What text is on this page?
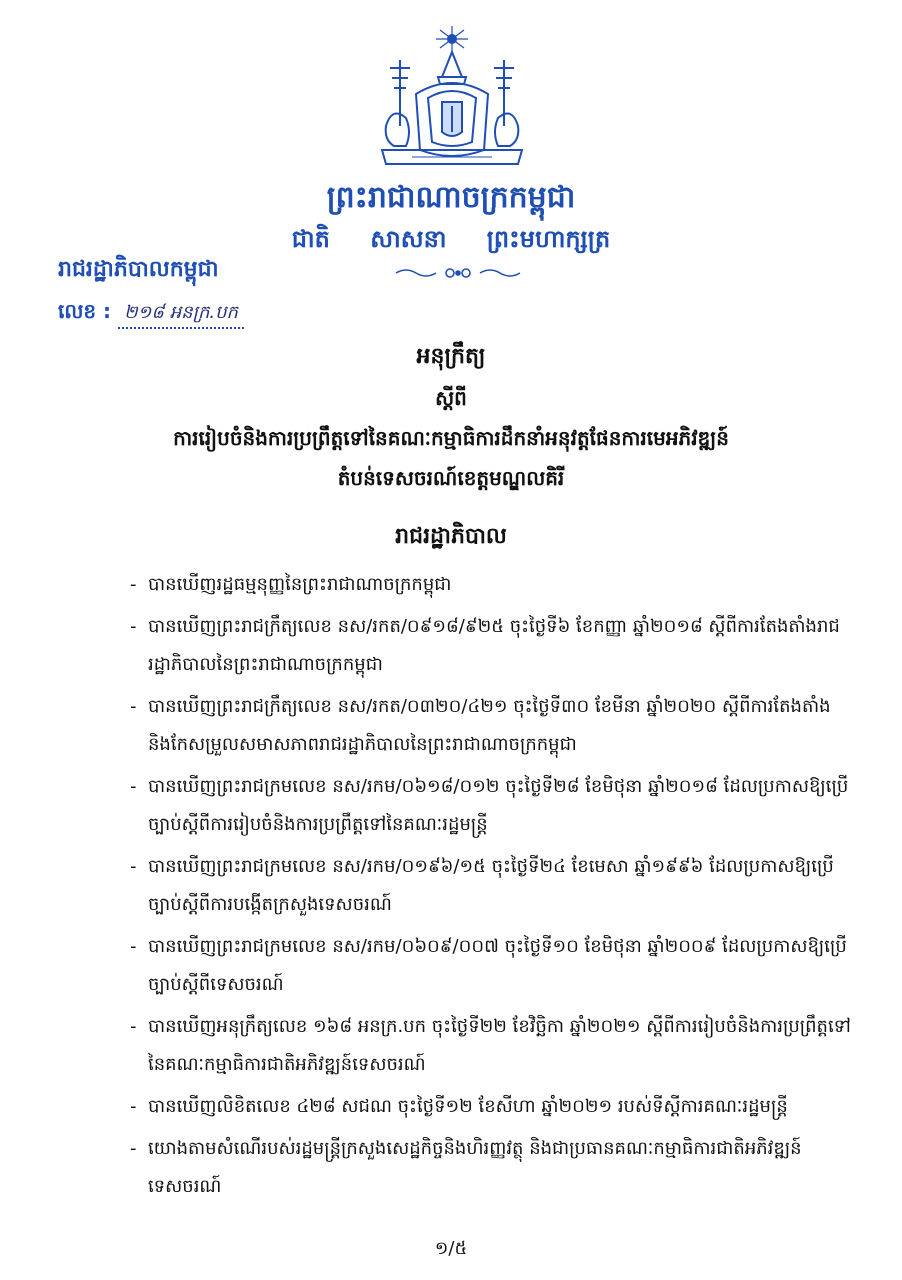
ព្រះរាជាណាចក្រកម្ពុជា
ជាតិ សាសនា ព្រះមហាក្សត្រ
រាជរដ្ឋាភិបាលកម្ពុជា
លេខ : ២១៨ អនក្រ.បក
អនុក្រឹត្យ
ស្តីពី
ការរៀបចំនិងការប្រព្រឹត្តទៅនៃគណៈកម្មាធិការដឹកនាំអនុវត្តផែនការមេអភិវឌ្ឍន៍
តំបន់ទេសចរណ៍ខេត្តមណ្ឌលគិរី
រាជរដ្ឋាភិបាល
- បានឃើញរដ្ឋធម្មនុញ្ញនៃព្រះរាជាណាចក្រកម្ពុជា
- បានឃើញព្រះរាជក្រឹត្យលេខ នស/រកត/០៩១៨/៩២៥ ចុះថ្ងៃទី៦ ខែកញ្ញា ឆ្នាំ២០១៨ ស្តីពីការតែងតាំងរាជរដ្ឋាភិបាលនៃព្រះរាជាណាចក្រកម្ពុជា
- បានឃើញព្រះរាជក្រឹត្យលេខ នស/រកត/០៣២០/៤២១ ចុះថ្ងៃទី៣០ ខែមីនា ឆ្នាំ២០២០ ស្តីពីការតែងតាំងនិងកែសម្រួលសមាសភាពរាជរដ្ឋាភិបាលនៃព្រះរាជាណាចក្រកម្ពុជា
- បានឃើញព្រះរាជក្រមលេខ នស/រកម/០៦១៨/០១២ ចុះថ្ងៃទី២៨ ខែមិថុនា ឆ្នាំ២០១៨ ដែលប្រកាសឱ្យប្រើច្បាប់ស្តីពីការរៀបចំនិងការប្រព្រឹត្តទៅនៃគណៈរដ្ឋមន្ត្រី
- បានឃើញព្រះរាជក្រមលេខ នស/រកម/០១៩៦/១៥ ចុះថ្ងៃទី២៤ ខែមេសា ឆ្នាំ១៩៩៦ ដែលប្រកាសឱ្យប្រើច្បាប់ស្តីពីការបង្កើតក្រសួងទេសចរណ៍
- បានឃើញព្រះរាជក្រមលេខ នស/រកម/០៦០៩/០០៧ ចុះថ្ងៃទី១០ ខែមិថុនា ឆ្នាំ២០០៩ ដែលប្រកាសឱ្យប្រើច្បាប់ស្តីពីទេសចរណ៍
- បានឃើញអនុក្រឹត្យលេខ ១៦៨ អនក្រ.បក ចុះថ្ងៃទី២២ ខែវិច្ឆិកា ឆ្នាំ២០២១ ស្តីពីការរៀបចំនិងការប្រព្រឹត្តទៅនៃគណៈកម្មាធិការជាតិអភិវឌ្ឍន៍ទេសចរណ៍
- បានឃើញលិខិតលេខ ៤២៨ សជណ ចុះថ្ងៃទី១២ ខែសីហា ឆ្នាំ២០២១ របស់ទីស្តីការគណៈរដ្ឋមន្ត្រី
- យោងតាមសំណើរបស់រដ្ឋមន្ត្រីក្រសួងសេដ្ឋកិច្ចនិងហិរញ្ញវត្ថុ និងជាប្រធានគណៈកម្មាធិការជាតិអភិវឌ្ឍន៍ទេសចរណ៍
១/៥
